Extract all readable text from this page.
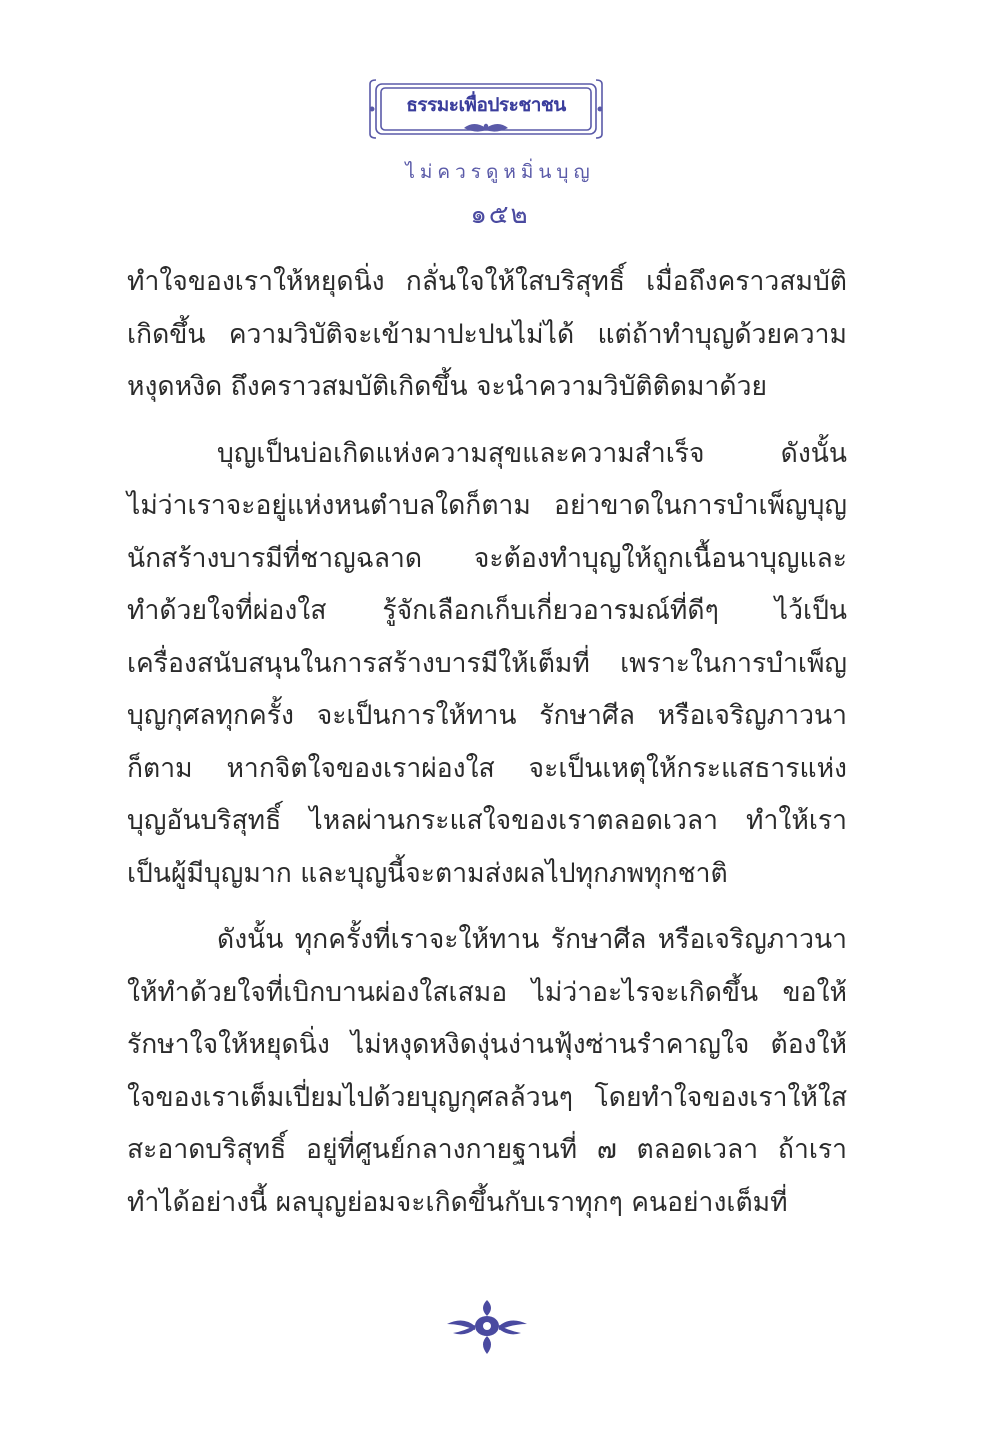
ธรรมะเพื่อประชาชน
ไม่ควรดูหมิ่นบุญ
๑๕๒
ทำใจของเราให้หยุดนิ่ง กลั่นใจให้ใสบริสุทธิ์ เมื่อถึงคราวสมบัติ
เกิดขึ้น ความวิบัติจะเข้ามาปะปนไม่ได้ แต่ถ้าทำบุญด้วยความ
หงุดหงิด ถึงคราวสมบัติเกิดขึ้น จะนำความวิบัติติดมาด้วย
บุญเป็นบ่อเกิดแห่งความสุขและความสำเร็จ ดังนั้น
ไม่ว่าเราจะอยู่แห่งหนตำบลใดก็ตาม อย่าขาดในการบำเพ็ญบุญ
นักสร้างบารมีที่ชาญฉลาด จะต้องทำบุญให้ถูกเนื้อนาบุญและ
ทำด้วยใจที่ผ่องใส รู้จักเลือกเก็บเกี่ยวอารมณ์ที่ดีๆ ไว้เป็น
เครื่องสนับสนุนในการสร้างบารมีให้เต็มที่ เพราะในการบำเพ็ญ
บุญกุศลทุกครั้ง จะเป็นการให้ทาน รักษาศีล หรือเจริญภาวนา
ก็ตาม หากจิตใจของเราผ่องใส จะเป็นเหตุให้กระแสธารแห่ง
บุญอันบริสุทธิ์ ไหลผ่านกระแสใจของเราตลอดเวลา ทำให้เรา
เป็นผู้มีบุญมาก และบุญนี้จะตามส่งผลไปทุกภพทุกชาติ
ดังนั้น ทุกครั้งที่เราจะให้ทาน รักษาศีล หรือเจริญภาวนา
ให้ทำด้วยใจที่เบิกบานผ่องใสเสมอ ไม่ว่าอะไรจะเกิดขึ้น ขอให้
รักษาใจให้หยุดนิ่ง ไม่หงุดหงิดงุ่นง่านฟุ้งซ่านรำคาญใจ ต้องให้
ใจของเราเต็มเปี่ยมไปด้วยบุญกุศลล้วนๆ โดยทำใจของเราให้ใส
สะอาดบริสุทธิ์ อยู่ที่ศูนย์กลางกายฐานที่ ๗ ตลอดเวลา ถ้าเรา
ทำได้อย่างนี้ ผลบุญย่อมจะเกิดขึ้นกับเราทุกๆ คนอย่างเต็มที่
